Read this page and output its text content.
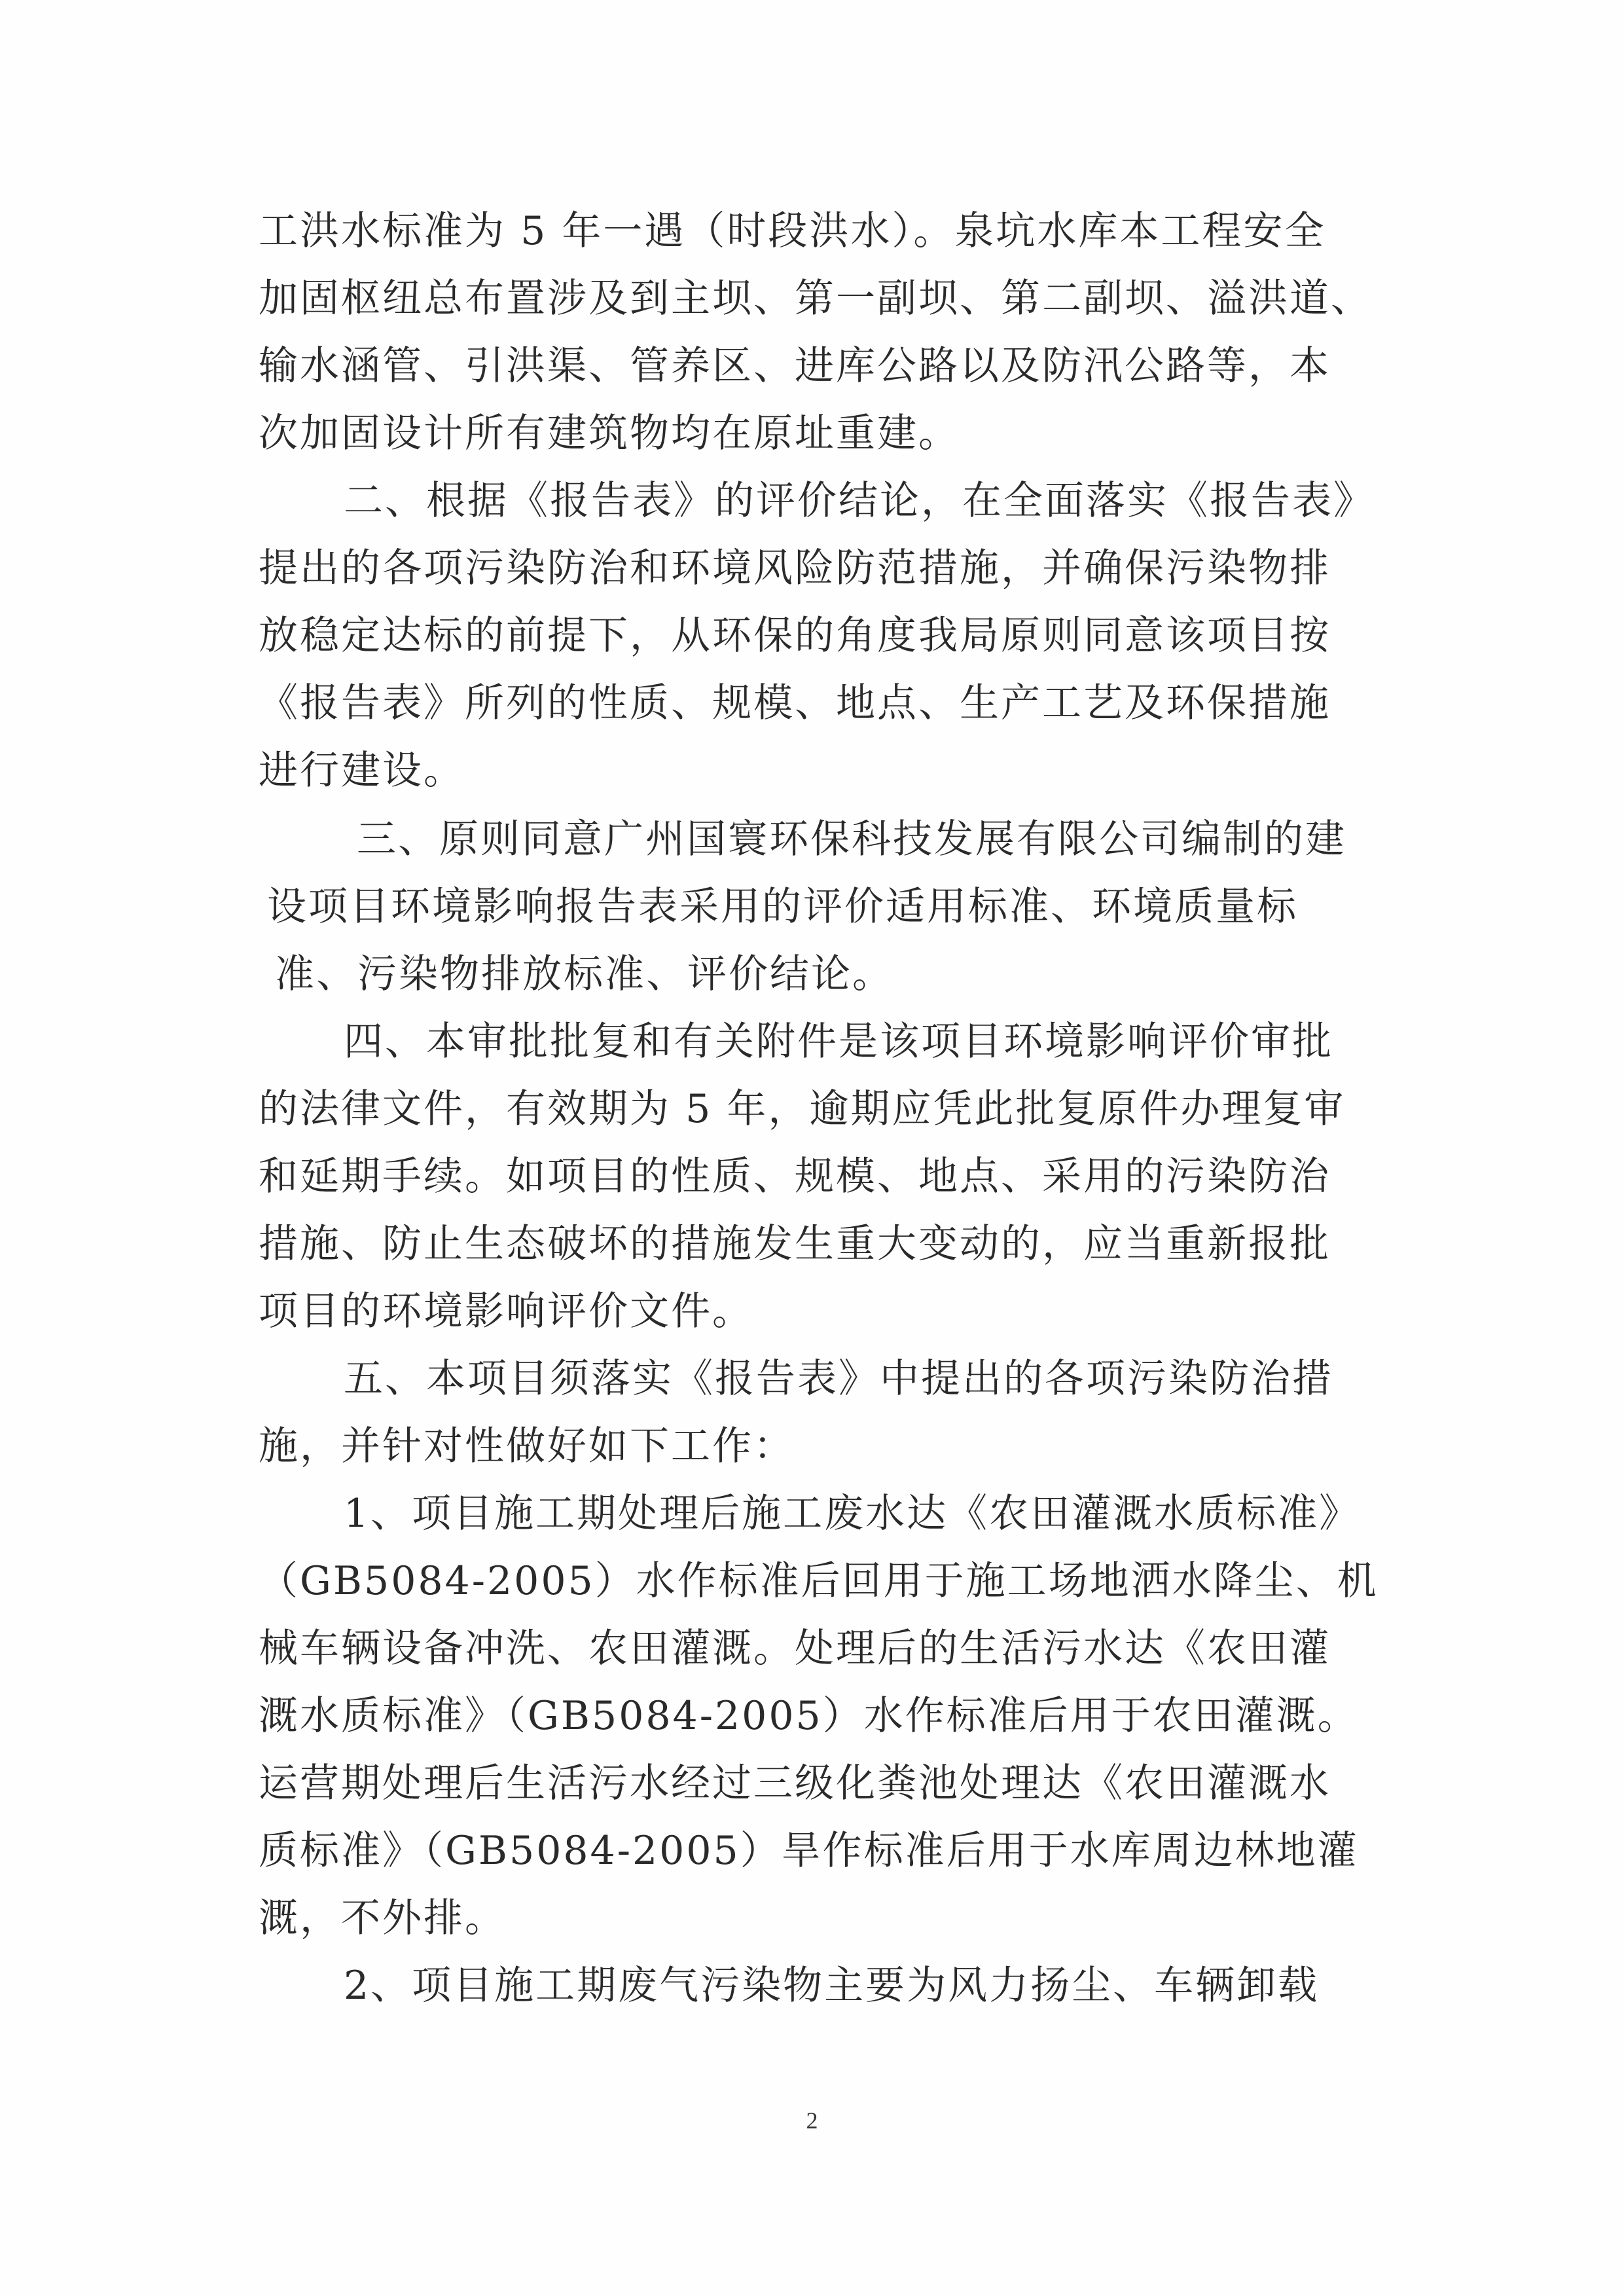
工洪水标准为 5 年一遇（时段洪水）。泉坑水库本工程安全
加固枢纽总布置涉及到主坝、第一副坝、第二副坝、溢洪道、
输水涵管、引洪渠、管养区、进库公路以及防汛公路等，本
次加固设计所有建筑物均在原址重建。
二、根据《报告表》的评价结论，在全面落实《报告表》
提出的各项污染防治和环境风险防范措施，并确保污染物排
放稳定达标的前提下，从环保的角度我局原则同意该项目按
《报告表》所列的性质、规模、地点、生产工艺及环保措施
进行建设。
三、原则同意广州国寰环保科技发展有限公司编制的建
设项目环境影响报告表采用的评价适用标准、环境质量标
准、污染物排放标准、评价结论。
四、本审批批复和有关附件是该项目环境影响评价审批
的法律文件，有效期为 5 年，逾期应凭此批复原件办理复审
和延期手续。如项目的性质、规模、地点、采用的污染防治
措施、防止生态破坏的措施发生重大变动的，应当重新报批
项目的环境影响评价文件。
五、本项目须落实《报告表》中提出的各项污染防治措
施，并针对性做好如下工作：
1、项目施工期处理后施工废水达《农田灌溉水质标准》
（GB5084-2005）水作标准后回用于施工场地洒水降尘、机
械车辆设备冲洗、农田灌溉。处理后的生活污水达《农田灌
溉水质标准》（GB5084-2005）水作标准后用于农田灌溉。
运营期处理后生活污水经过三级化粪池处理达《农田灌溉水
质标准》（GB5084-2005）旱作标准后用于水库周边林地灌
溉，不外排。
2、项目施工期废气污染物主要为风力扬尘、车辆卸载
2
